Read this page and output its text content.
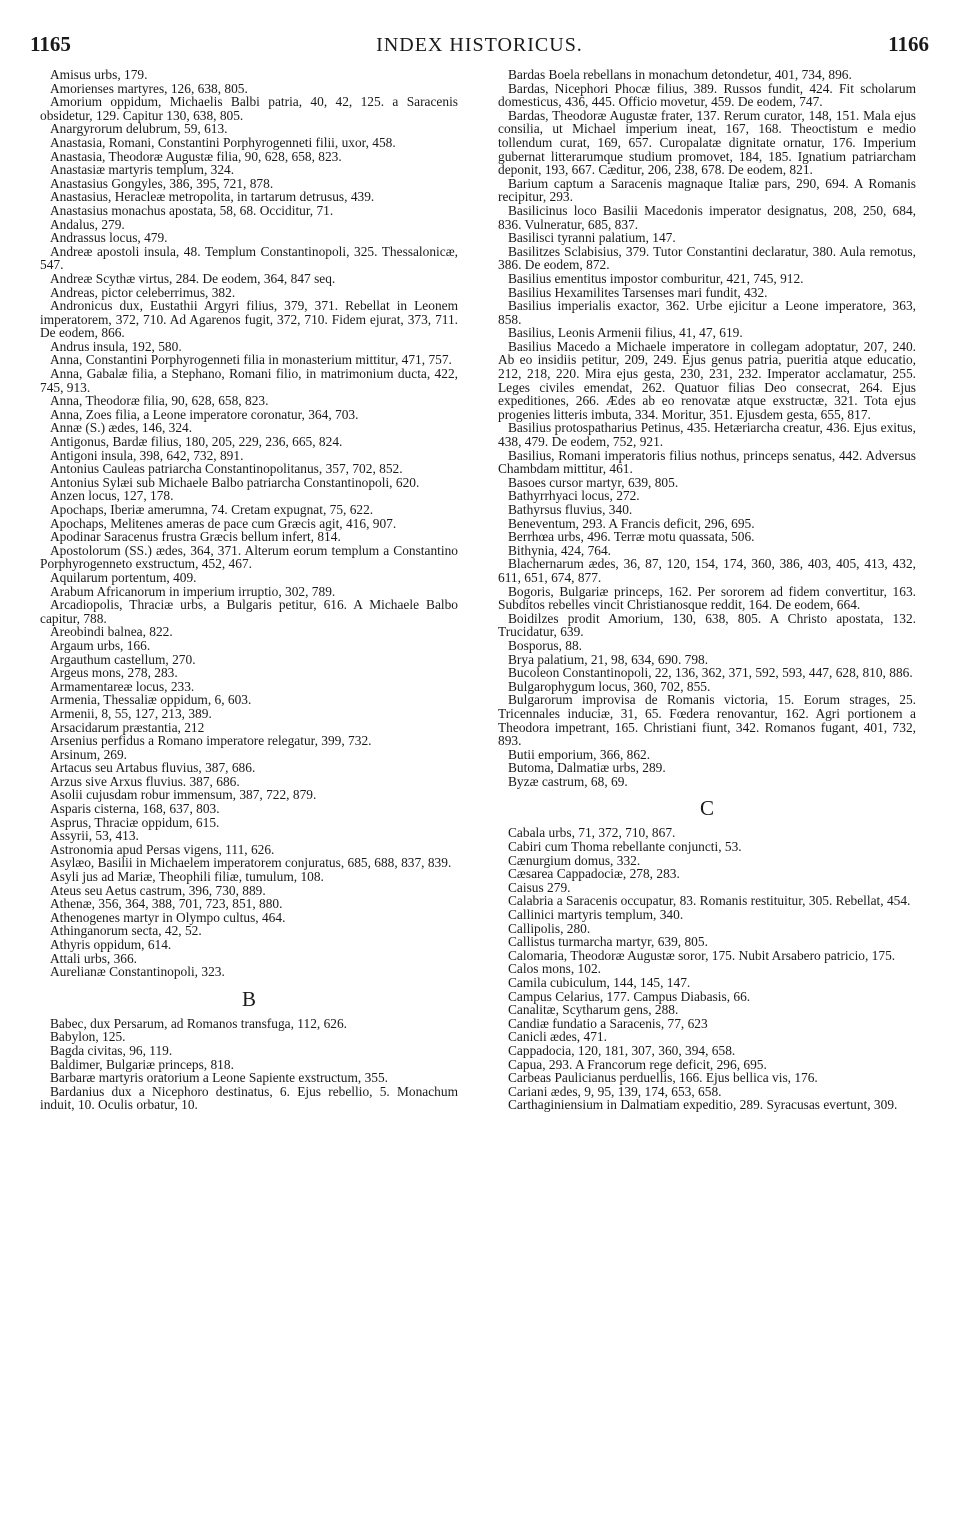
1165	INDEX HISTORICUS.	1166

Amisus urbs, 179.

Amorienses martyres, 126, 638, 805.

Amorium oppidum, Michaelis Balbi patria, 40, 42, 125. a Saracenis obsidetur, 129. Capitur 130, 638, 805.

Anargyrorum delubrum, 59, 613.

Anastasia, Romani, Constantini Porphyrogenneti filii, uxor, 458.

Anastasia, Theodoræ Augustæ filia, 90, 628, 658, 823.

Anastasiæ martyris templum, 324.

Anastasius Gongyles, 386, 395, 721, 878.

Anastasius, Heracleæ metropolita, in tartarum detrusus, 439.

Anastasius monachus apostata, 58, 68. Occiditur, 71.

Andalus, 279.

Andrassus locus, 479.

Andreæ apostoli insula, 48. Templum Constantinopoli, 325. Thessalonicæ, 547.

Andreæ Scythæ virtus, 284. De eodem, 364, 847 seq.

Andreas, pictor celeberrimus, 382.

Andronicus dux, Eustathii Argyri filius, 379, 371. Rebellat in Leonem imperatorem, 372, 710. Ad Agarenos fugit, 372, 710. Fidem ejurat, 373, 711. De eodem, 866.

Andrus insula, 192, 580.

Anna, Constantini Porphyrogenneti filia in monasterium mittitur, 471, 757.

Anna, Gabalæ filia, a Stephano, Romani filio, in matrimonium ducta, 422, 745, 913.

Anna, Theodoræ filia, 90, 628, 658, 823.

Anna, Zoes filia, a Leone imperatore coronatur, 364, 703.

Annæ (S.) ædes, 146, 324.

Antigonus, Bardæ filius, 180, 205, 229, 236, 665, 824.

Antigoni insula, 398, 642, 732, 891.

Antonius Cauleas patriarcha Constantinopolitanus, 357, 702, 852.

Antonius Sylæi sub Michaele Balbo patriarcha Constantinopoli, 620.

Anzen locus, 127, 178.

Apochaps, Iberiæ amerumna, 74. Cretam expugnat, 75, 622.

Apochaps, Melitenes ameras de pace cum Græcis agit, 416, 907.

Apodinar Saracenus frustra Græcis bellum infert, 814.

Apostolorum (SS.) ædes, 364, 371. Alterum eorum templum a Constantino Porphyrogenneto exstructum, 452, 467.

Aquilarum portentum, 409.

Arabum Africanorum in imperium irruptio, 302, 789.

Arcadiopolis, Thraciæ urbs, a Bulgaris petitur, 616. A Michaele Balbo capitur, 788.

Areobindi balnea, 822.

Argaum urbs, 166.

Argauthum castellum, 270.

Argeus mons, 278, 283.

Armamentareæ locus, 233.

Armenia, Thessaliæ oppidum, 6, 603.

Armenii, 8, 55, 127, 213, 389.

Arsacidarum præstantia, 212

Arsenius perfidus a Romano imperatore relegatur, 399, 732.

Arsinum, 269.

Artacus seu Artabus fluvius, 387, 686.

Arzus sive Arxus fluvius. 387, 686.

Asolii cujusdam robur immensum, 387, 722, 879.

Asparis cisterna, 168, 637, 803.

Asprus, Thraciæ oppidum, 615.

Assyrii, 53, 413.

Astronomia apud Persas vigens, 111, 626.

Asylæo, Basilii in Michaelem imperatorem conjuratus, 685, 688, 837, 839.

Asyli jus ad Mariæ, Theophili filiæ, tumulum, 108.

Ateus seu Aetus castrum, 396, 730, 889.

Athenæ, 356, 364, 388, 701, 723, 851, 880.

Athenogenes martyr in Olympo cultus, 464.

Athinganorum secta, 42, 52.

Athyris oppidum, 614.

Attali urbs, 366.

Aurelianæ Constantinopoli, 323.

B

Babec, dux Persarum, ad Romanos transfuga, 112, 626.

Babylon, 125.

Bagda civitas, 96, 119.

Baldimer, Bulgariæ princeps, 818.

Barbaræ martyris oratorium a Leone Sapiente exstructum, 355.

Bardanius dux a Nicephoro destinatus, 6. Ejus rebellio, 5. Monachum induit, 10. Oculis orbatur, 10.

Bardas Boela rebellans in monachum detondetur, 401, 734, 896.

Bardas, Nicephori Phocæ filius, 389. Russos fundit, 424. Fit scholarum domesticus, 436, 445. Officio movetur, 459. De eodem, 747.

Bardas, Theodoræ Augustæ frater, 137. Rerum curator, 148, 151. Mala ejus consilia, ut Michael imperium ineat, 167, 168. Theoctistum e medio tollendum curat, 169, 657. Curopalatæ dignitate ornatur, 176. Imperium gubernat litterarumque studium promovet, 184, 185. Ignatium patriarcham deponit, 193, 667. Cæditur, 206, 238, 678. De eodem, 821.

Barium captum a Saracenis magnaque Italiæ pars, 290, 694. A Romanis recipitur, 293.

Basilicinus loco Basilii Macedonis imperator designatus, 208, 250, 684, 836. Vulneratur, 685, 837.

Basilisci tyranni palatium, 147.

Basilitzes Sclabisius, 379. Tutor Constantini declaratur, 380. Aula remotus, 386. De eodem, 872.

Basilius ementitus impostor comburitur, 421, 745, 912.

Basilius Hexamilites Tarsenses mari fundit, 432.

Basilius imperialis exactor, 362. Urbe ejicitur a Leone imperatore, 363, 858.

Basilius, Leonis Armenii filius, 41, 47, 619.

Basilius Macedo a Michaele imperatore in collegam adoptatur, 207, 240. Ab eo insidiis petitur, 209, 249. Ejus genus patria, pueritia atque educatio, 212, 218, 220. Mira ejus gesta, 230, 231, 232. Imperator acclamatur, 255. Leges civiles emendat, 262. Quatuor filias Deo consecrat, 264. Ejus expeditiones, 266. Ædes ab eo renovatæ atque exstructæ, 321. Tota ejus progenies litteris imbuta, 334. Moritur, 351. Ejusdem gesta, 655, 817.

Basilius protospatharius Petinus, 435. Hetæriarcha creatur, 436. Ejus exitus, 438, 479. De eodem, 752, 921.

Basilius, Romani imperatoris filius nothus, princeps senatus, 442. Adversus Chambdam mittitur, 461.

Basoes cursor martyr, 639, 805.

Bathyrrhyaci locus, 272.

Bathyrsus fluvius, 340.

Beneventum, 293. A Francis deficit, 296, 695.

Berrhœa urbs, 496. Terræ motu quassata, 506.

Bithynia, 424, 764.

Blachernarum ædes, 36, 87, 120, 154, 174, 360, 386, 403, 405, 413, 432, 611, 651, 674, 877.

Bogoris, Bulgariæ princeps, 162. Per sororem ad fidem convertitur, 163. Subditos rebelles vincit Christianosque reddit, 164. De eodem, 664.

Boidilzes prodit Amorium, 130, 638, 805. A Christo apostata, 132. Trucidatur, 639.

Bosporus, 88.

Brya palatium, 21, 98, 634, 690. 798.

Bucoleon Constantinopoli, 22, 136, 362, 371, 592, 593, 447, 628, 810, 886.

Bulgarophygum locus, 360, 702, 855.

Bulgarorum improvisa de Romanis victoria, 15. Eorum strages, 25. Tricennales induciæ, 31, 65. Fœdera renovantur, 162. Agri portionem a Theodora impetrant, 165. Christiani fiunt, 342. Romanos fugant, 401, 732, 893.

Butii emporium, 366, 862.

Butoma, Dalmatiæ urbs, 289.

Byzæ castrum, 68, 69.

C

Cabala urbs, 71, 372, 710, 867.

Cabiri cum Thoma rebellante conjuncti, 53.

Cænurgium domus, 332.

Cæsarea Cappadociæ, 278, 283.

Caisus 279.

Calabria a Saracenis occupatur, 83. Romanis restituitur, 305. Rebellat, 454.

Callinici martyris templum, 340.

Callipolis, 280.

Callistus turmarcha martyr, 639, 805.

Calomaria, Theodoræ Augustæ soror, 175. Nubit Arsabero patricio, 175.

Calos mons, 102.

Camila cubiculum, 144, 145, 147.

Campus Celarius, 177. Campus Diabasis, 66.

Canalitæ, Scytharum gens, 288.

Candiæ fundatio a Saracenis, 77, 623

Canicli ædes, 471.

Cappadocia, 120, 181, 307, 360, 394, 658.

Capua, 293. A Francorum rege deficit, 296, 695.

Carbeas Paulicianus perduellis, 166. Ejus bellica vis, 176.

Cariani ædes, 9, 95, 139, 174, 653, 658.

Carthaginiensium in Dalmatiam expeditio, 289. Syracusas evertunt, 309.
